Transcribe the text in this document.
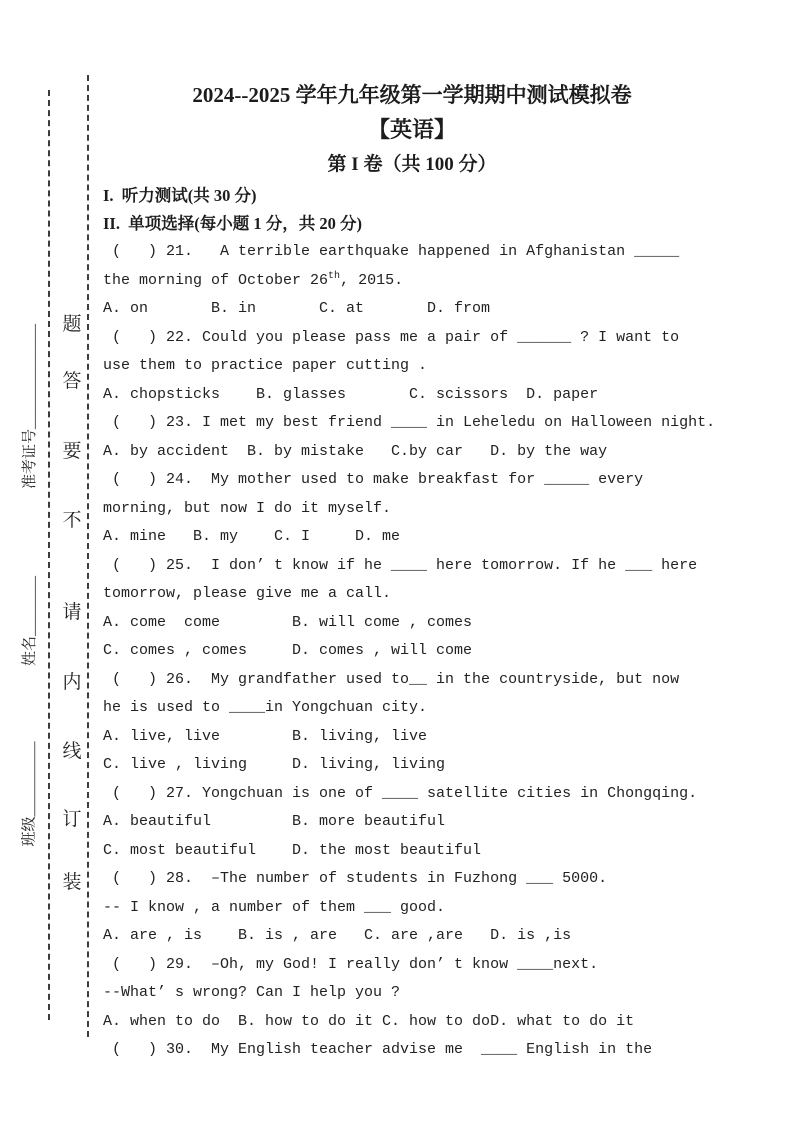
准考证号______________
姓名________
班级__________
题
答
要
不
请
内
线
订
装
2024--2025 学年九年级第一学期期中测试模拟卷
【英语】
第 I 卷（共 100 分）
I.  听力测试(共 30 分)
II.  单项选择(每小题 1 分，共 20 分)
(   ) 21.   A terrible earthquake happened in Afghanistan _____
the morning of October 26th, 2015.
A. on       B. in       C. at       D. from
(   ) 22. Could you please pass me a pair of ______ ? I want to
use them to practice paper cutting .
A. chopsticks    B. glasses       C. scissors  D. paper
(   ) 23. I met my best friend ____ in Leheledu on Halloween night.
A. by accident  B. by mistake   C.by car   D. by the way
(   ) 24.  My mother used to make breakfast for _____ every
morning, but now I do it myself.
A. mine   B. my    C. I     D. me
(   ) 25.  I don’ t know if he ____ here tomorrow. If he ___ here
tomorrow, please give me a call.
A. come  come        B. will come , comes
C. comes , comes     D. comes , will come
(   ) 26.  My grandfather used to__ in the countryside, but now
he is used to ____in Yongchuan city.
A. live, live        B. living, live
C. live , living     D. living, living
(   ) 27. Yongchuan is one of ____ satellite cities in Chongqing.
A. beautiful         B. more beautiful
C. most beautiful    D. the most beautiful
(   ) 28.  –The number of students in Fuzhong ___ 5000.
-- I know , a number of them ___ good.
A. are , is    B. is , are   C. are ,are   D. is ,is
(   ) 29.  –Oh, my God! I really don’ t know ____next.
--What’ s wrong? Can I help you ?
A. when to do  B. how to do it C. how to doD. what to do it
(   ) 30.  My English teacher advise me  ____ English in the
